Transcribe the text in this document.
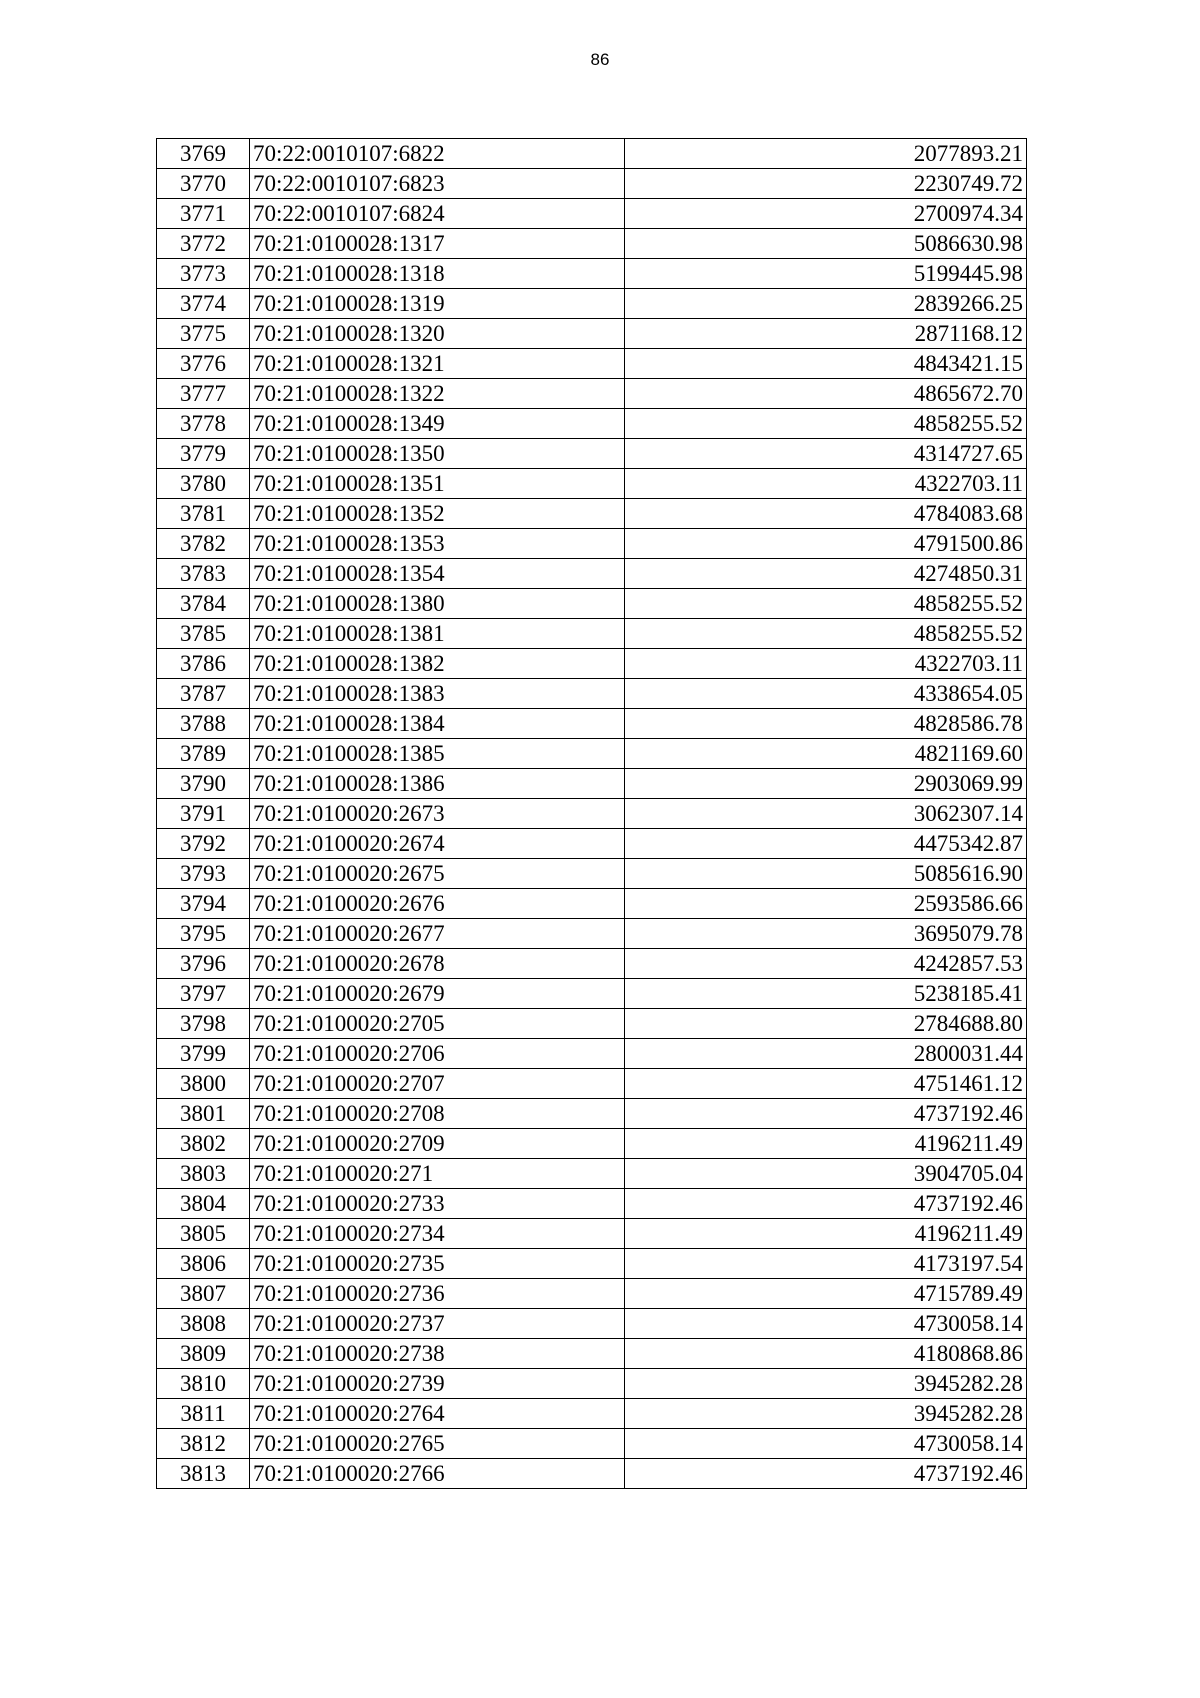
86
3769	70:22:0010107:6822	2077893.21
3770	70:22:0010107:6823	2230749.72
3771	70:22:0010107:6824	2700974.34
3772	70:21:0100028:1317	5086630.98
3773	70:21:0100028:1318	5199445.98
3774	70:21:0100028:1319	2839266.25
3775	70:21:0100028:1320	2871168.12
3776	70:21:0100028:1321	4843421.15
3777	70:21:0100028:1322	4865672.70
3778	70:21:0100028:1349	4858255.52
3779	70:21:0100028:1350	4314727.65
3780	70:21:0100028:1351	4322703.11
3781	70:21:0100028:1352	4784083.68
3782	70:21:0100028:1353	4791500.86
3783	70:21:0100028:1354	4274850.31
3784	70:21:0100028:1380	4858255.52
3785	70:21:0100028:1381	4858255.52
3786	70:21:0100028:1382	4322703.11
3787	70:21:0100028:1383	4338654.05
3788	70:21:0100028:1384	4828586.78
3789	70:21:0100028:1385	4821169.60
3790	70:21:0100028:1386	2903069.99
3791	70:21:0100020:2673	3062307.14
3792	70:21:0100020:2674	4475342.87
3793	70:21:0100020:2675	5085616.90
3794	70:21:0100020:2676	2593586.66
3795	70:21:0100020:2677	3695079.78
3796	70:21:0100020:2678	4242857.53
3797	70:21:0100020:2679	5238185.41
3798	70:21:0100020:2705	2784688.80
3799	70:21:0100020:2706	2800031.44
3800	70:21:0100020:2707	4751461.12
3801	70:21:0100020:2708	4737192.46
3802	70:21:0100020:2709	4196211.49
3803	70:21:0100020:271	3904705.04
3804	70:21:0100020:2733	4737192.46
3805	70:21:0100020:2734	4196211.49
3806	70:21:0100020:2735	4173197.54
3807	70:21:0100020:2736	4715789.49
3808	70:21:0100020:2737	4730058.14
3809	70:21:0100020:2738	4180868.86
3810	70:21:0100020:2739	3945282.28
3811	70:21:0100020:2764	3945282.28
3812	70:21:0100020:2765	4730058.14
3813	70:21:0100020:2766	4737192.46
